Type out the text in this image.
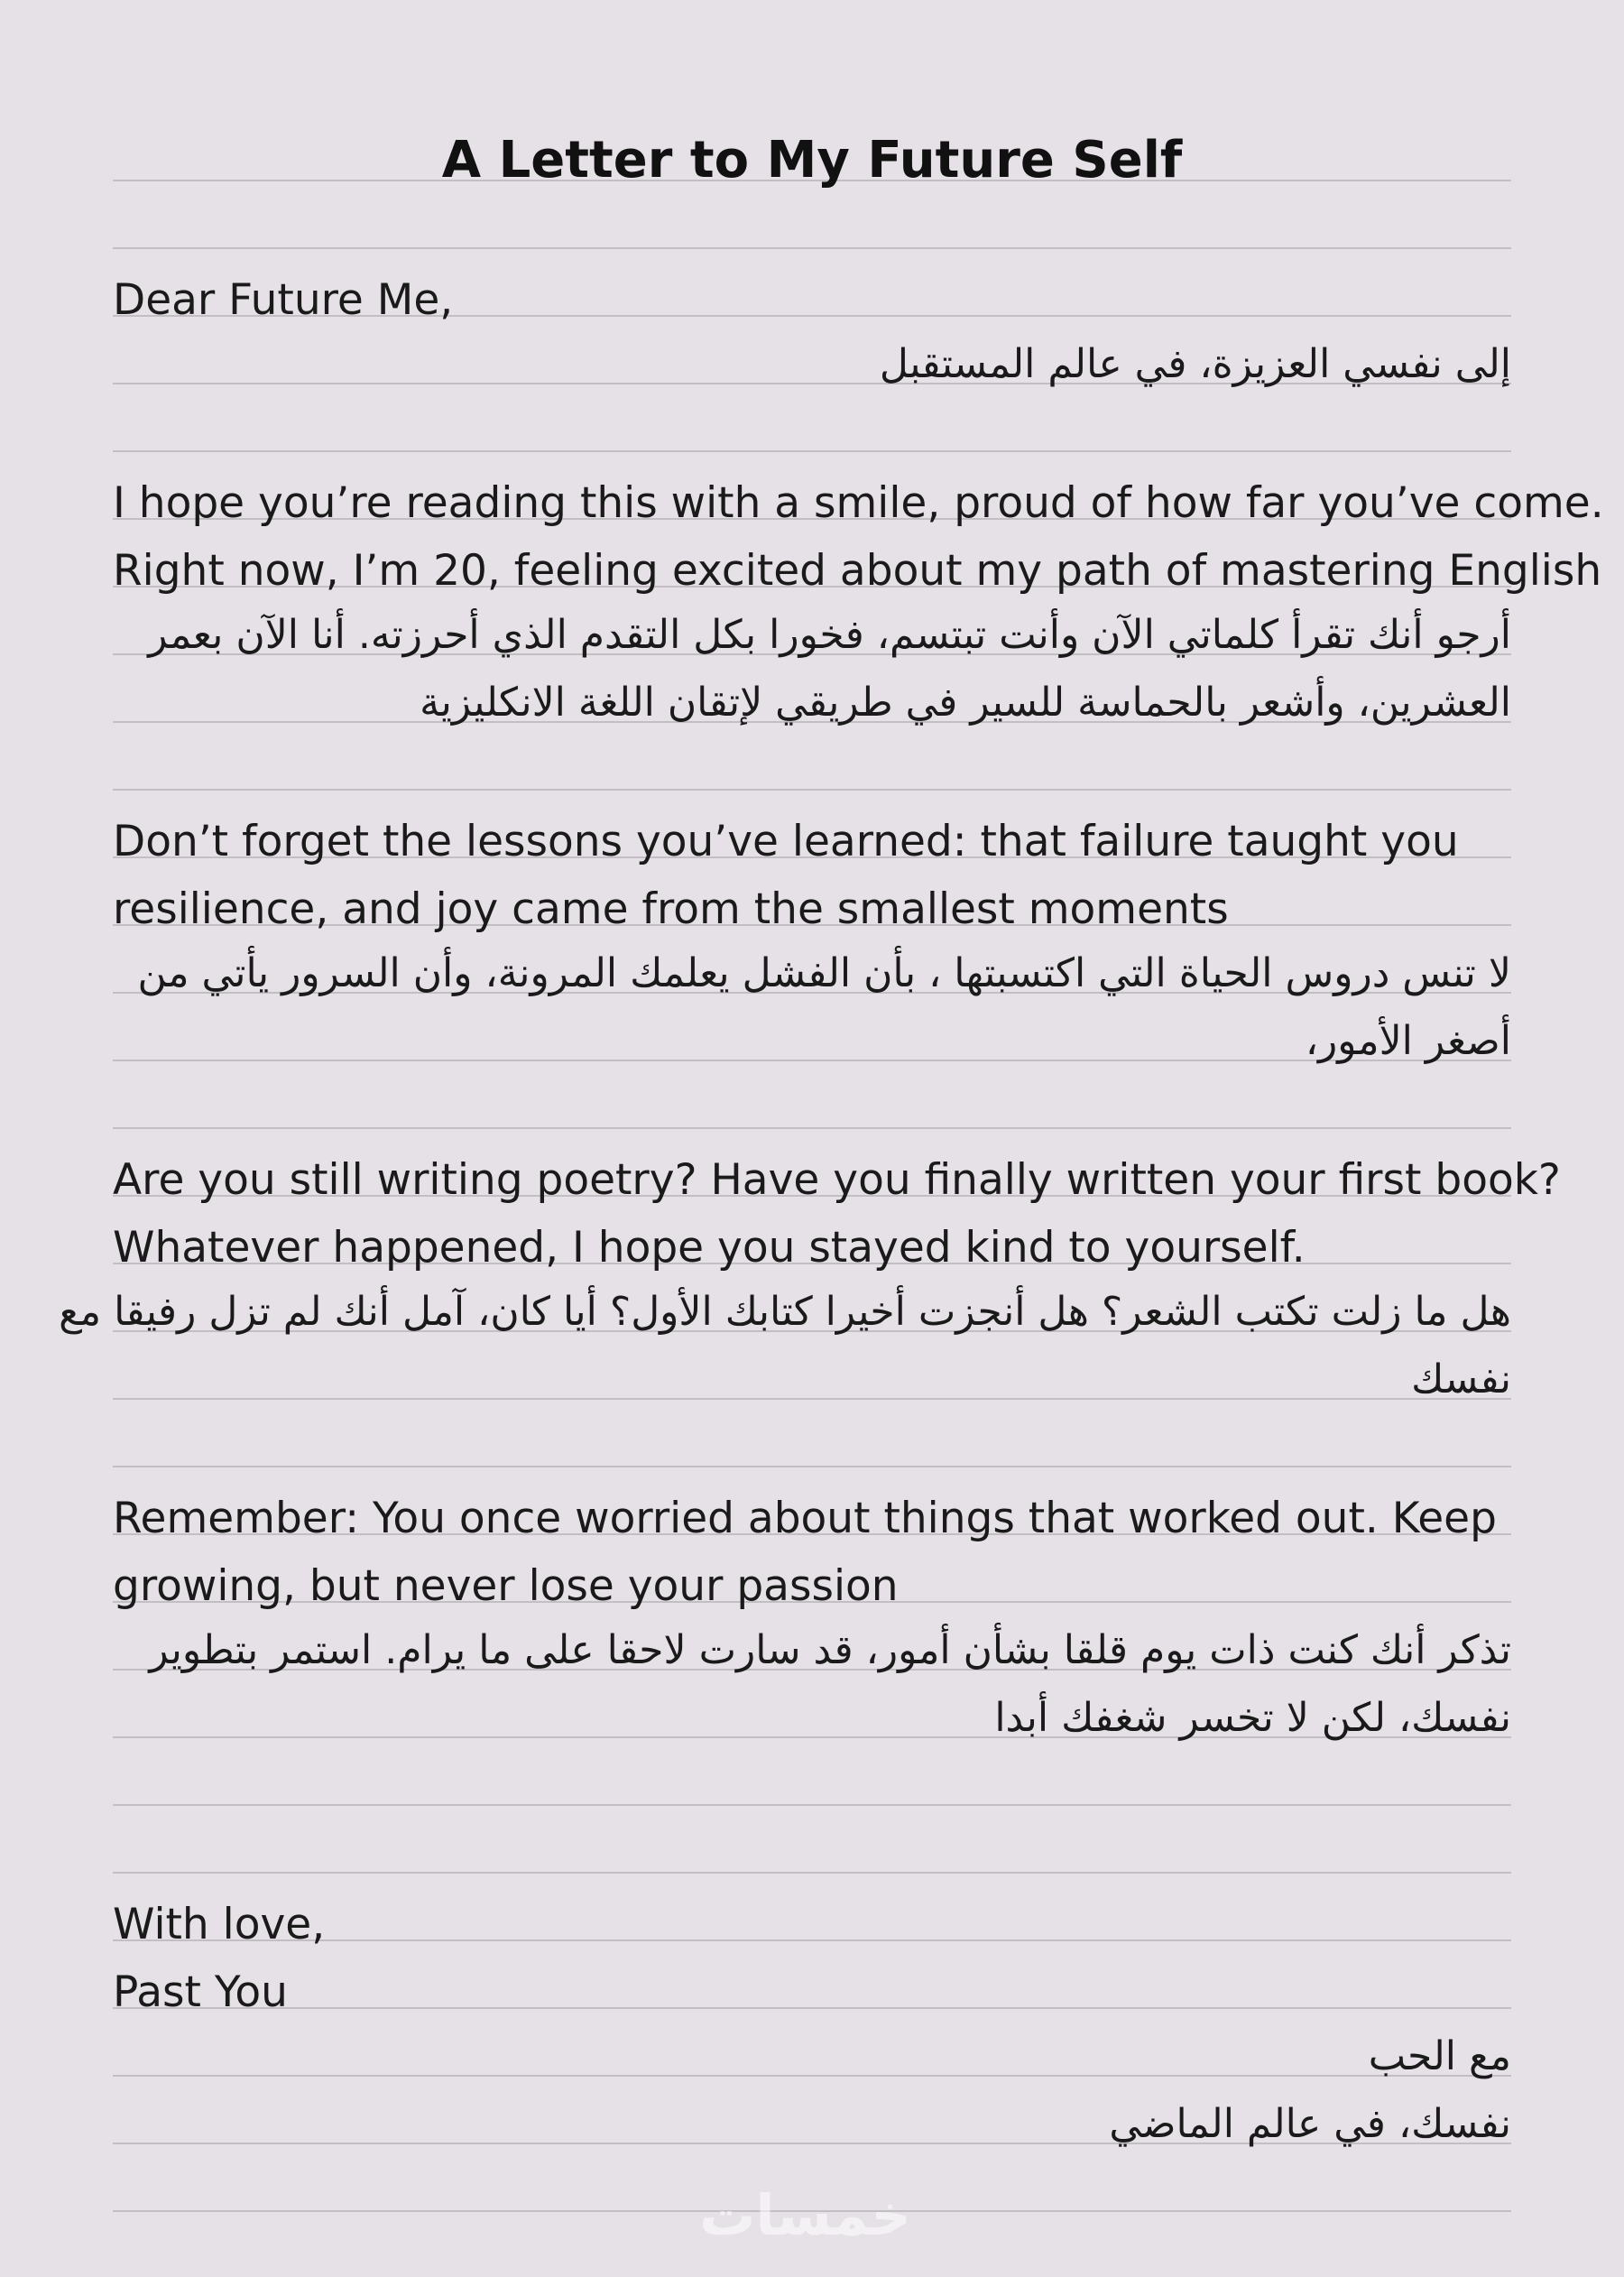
A Letter to My Future Self
Dear Future Me,
إلى نفسي العزيزة، في عالم المستقبل
I hope you’re reading this with a smile, proud of how far you’ve come.
Right now, I’m 20, feeling excited about my path of mastering English
أرجو أنك تقرأ كلماتي الآن وأنت تبتسم، فخورا بكل التقدم الذي أحرزته. أنا الآن بعمر
العشرين، وأشعر بالحماسة للسير في طريقي لإتقان اللغة الانكليزية
Don’t forget the lessons you’ve learned: that failure taught you
resilience, and joy came from the smallest moments
لا تنس دروس الحياة التي اكتسبتها ، بأن الفشل يعلمك المرونة، وأن السرور يأتي من
أصغر الأمور،
Are you still writing poetry? Have you finally written your first book?
Whatever happened, I hope you stayed kind to yourself.
هل ما زلت تكتب الشعر؟ هل أنجزت أخيرا كتابك الأول؟ أيا كان، آمل أنك لم تزل رفيقا مع
نفسك
Remember: You once worried about things that worked out. Keep
growing, but never lose your passion
تذكر أنك كنت ذات يوم قلقا بشأن أمور، قد سارت لاحقا على ما يرام. استمر بتطوير
نفسك، لكن لا تخسر شغفك أبدا
With love,
Past You
مع الحب
نفسك، في عالم الماضي
خمسات
